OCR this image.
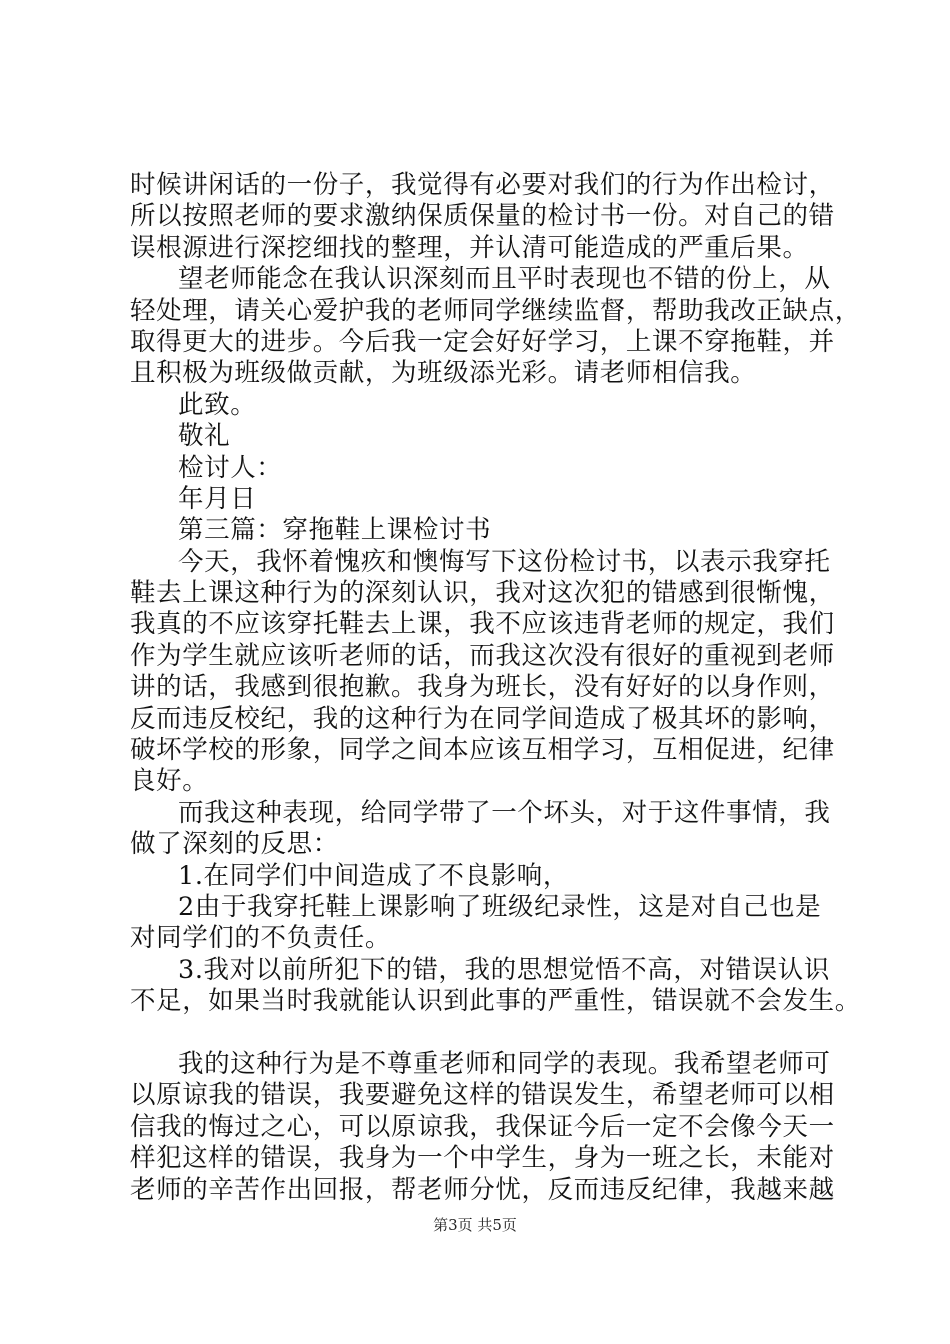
时候讲闲话的一份子，我觉得有必要对我们的行为作出检讨，
所以按照老师的要求激纳保质保量的检讨书一份。对自己的错
误根源进行深挖细找的整理，并认清可能造成的严重后果。
望老师能念在我认识深刻而且平时表现也不错的份上，从
轻处理，请关心爱护我的老师同学继续监督，帮助我改正缺点，
取得更大的进步。今后我一定会好好学习，上课不穿拖鞋，并
且积极为班级做贡献，为班级添光彩。请老师相信我。
此致。
敬礼
检讨人：
年月日
第三篇：穿拖鞋上课检讨书
今天，我怀着愧疚和懊悔写下这份检讨书，以表示我穿托
鞋去上课这种行为的深刻认识，我对这次犯的错感到很惭愧，
我真的不应该穿托鞋去上课，我不应该违背老师的规定，我们
作为学生就应该听老师的话，而我这次没有很好的重视到老师
讲的话，我感到很抱歉。我身为班长，没有好好的以身作则，
反而违反校纪，我的这种行为在同学间造成了极其坏的影响，
破坏学校的形象，同学之间本应该互相学习，互相促进，纪律
良好。
而我这种表现，给同学带了一个坏头，对于这件事情，我
做了深刻的反思：
1.在同学们中间造成了不良影响，
2由于我穿托鞋上课影响了班级纪录性，这是对自己也是
对同学们的不负责任。
3.我对以前所犯下的错，我的思想觉悟不高，对错误认识
不足，如果当时我就能认识到此事的严重性，错误就不会发生。
我的这种行为是不尊重老师和同学的表现。我希望老师可
以原谅我的错误，我要避免这样的错误发生，希望老师可以相
信我的悔过之心，可以原谅我，我保证今后一定不会像今天一
样犯这样的错误，我身为一个中学生，身为一班之长，未能对
老师的辛苦作出回报，帮老师分忧，反而违反纪律，我越来越
第3页 共5页
